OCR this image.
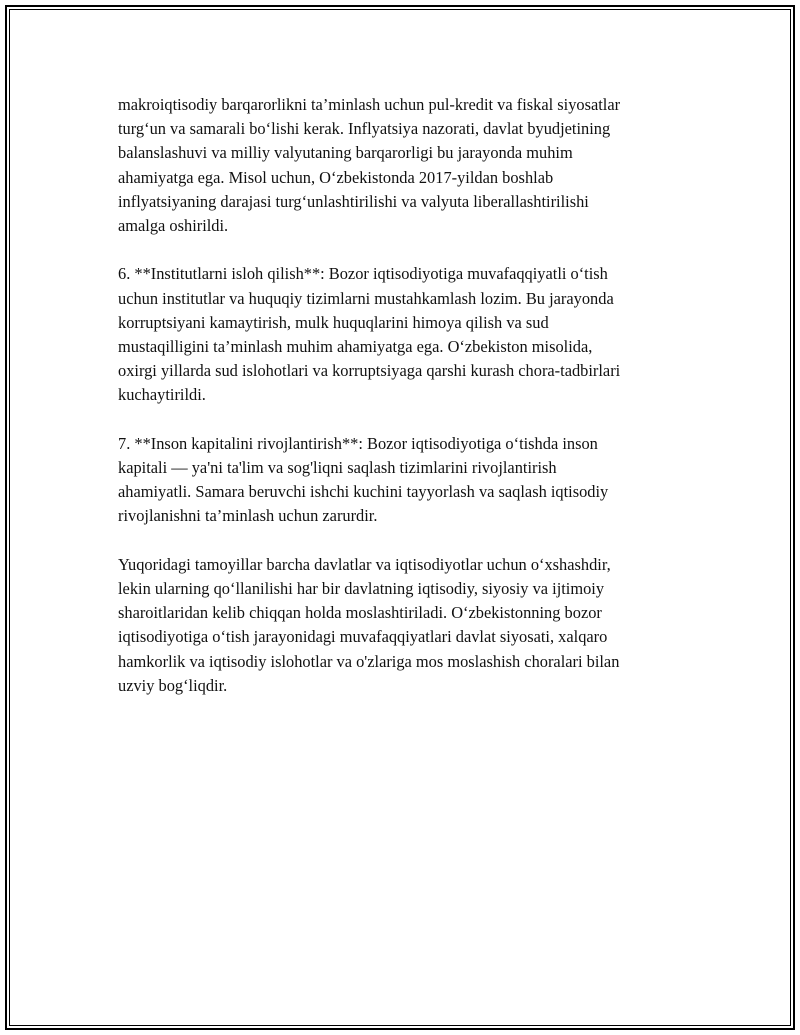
makroiqtisodiy barqarorlikni ta’minlash uchun pul-kredit va fiskal siyosatlar
turg‘un va samarali bo‘lishi kerak. Inflyatsiya nazorati, davlat byudjetining
balanslashuvi va milliy valyutaning barqarorligi bu jarayonda muhim
ahamiyatga ega. Misol uchun, O‘zbekistonda 2017-yildan boshlab
inflyatsiyaning darajasi turg‘unlashtirilishi va valyuta liberallashtirilishi
amalga oshirildi.

6. **Institutlarni isloh qilish**: Bozor iqtisodiyotiga muvafaqqiyatli o‘tish
uchun institutlar va huquqiy tizimlarni mustahkamlash lozim. Bu jarayonda
korruptsiyani kamaytirish, mulk huquqlarini himoya qilish va sud
mustaqilligini ta’minlash muhim ahamiyatga ega. O‘zbekiston misolida,
oxirgi yillarda sud islohotlari va korruptsiyaga qarshi kurash chora-tadbirlari
kuchaytirildi.

7. **Inson kapitalini rivojlantirish**: Bozor iqtisodiyotiga o‘tishda inson
kapitali — ya'ni ta'lim va sog'liqni saqlash tizimlarini rivojlantirish
ahamiyatli. Samara beruvchi ishchi kuchini tayyorlash va saqlash iqtisodiy
rivojlanishni ta’minlash uchun zarurdir.

Yuqoridagi tamoyillar barcha davlatlar va iqtisodiyotlar uchun o‘xshashdir,
lekin ularning qo‘llanilishi har bir davlatning iqtisodiy, siyosiy va ijtimoiy
sharoitlaridan kelib chiqqan holda moslashtiriladi. O‘zbekistonning bozor
iqtisodiyotiga o‘tish jarayonidagi muvafaqqiyatlari davlat siyosati, xalqaro
hamkorlik va iqtisodiy islohotlar va o'zlariga mos moslashish choralari bilan
uzviy bog‘liqdir.
